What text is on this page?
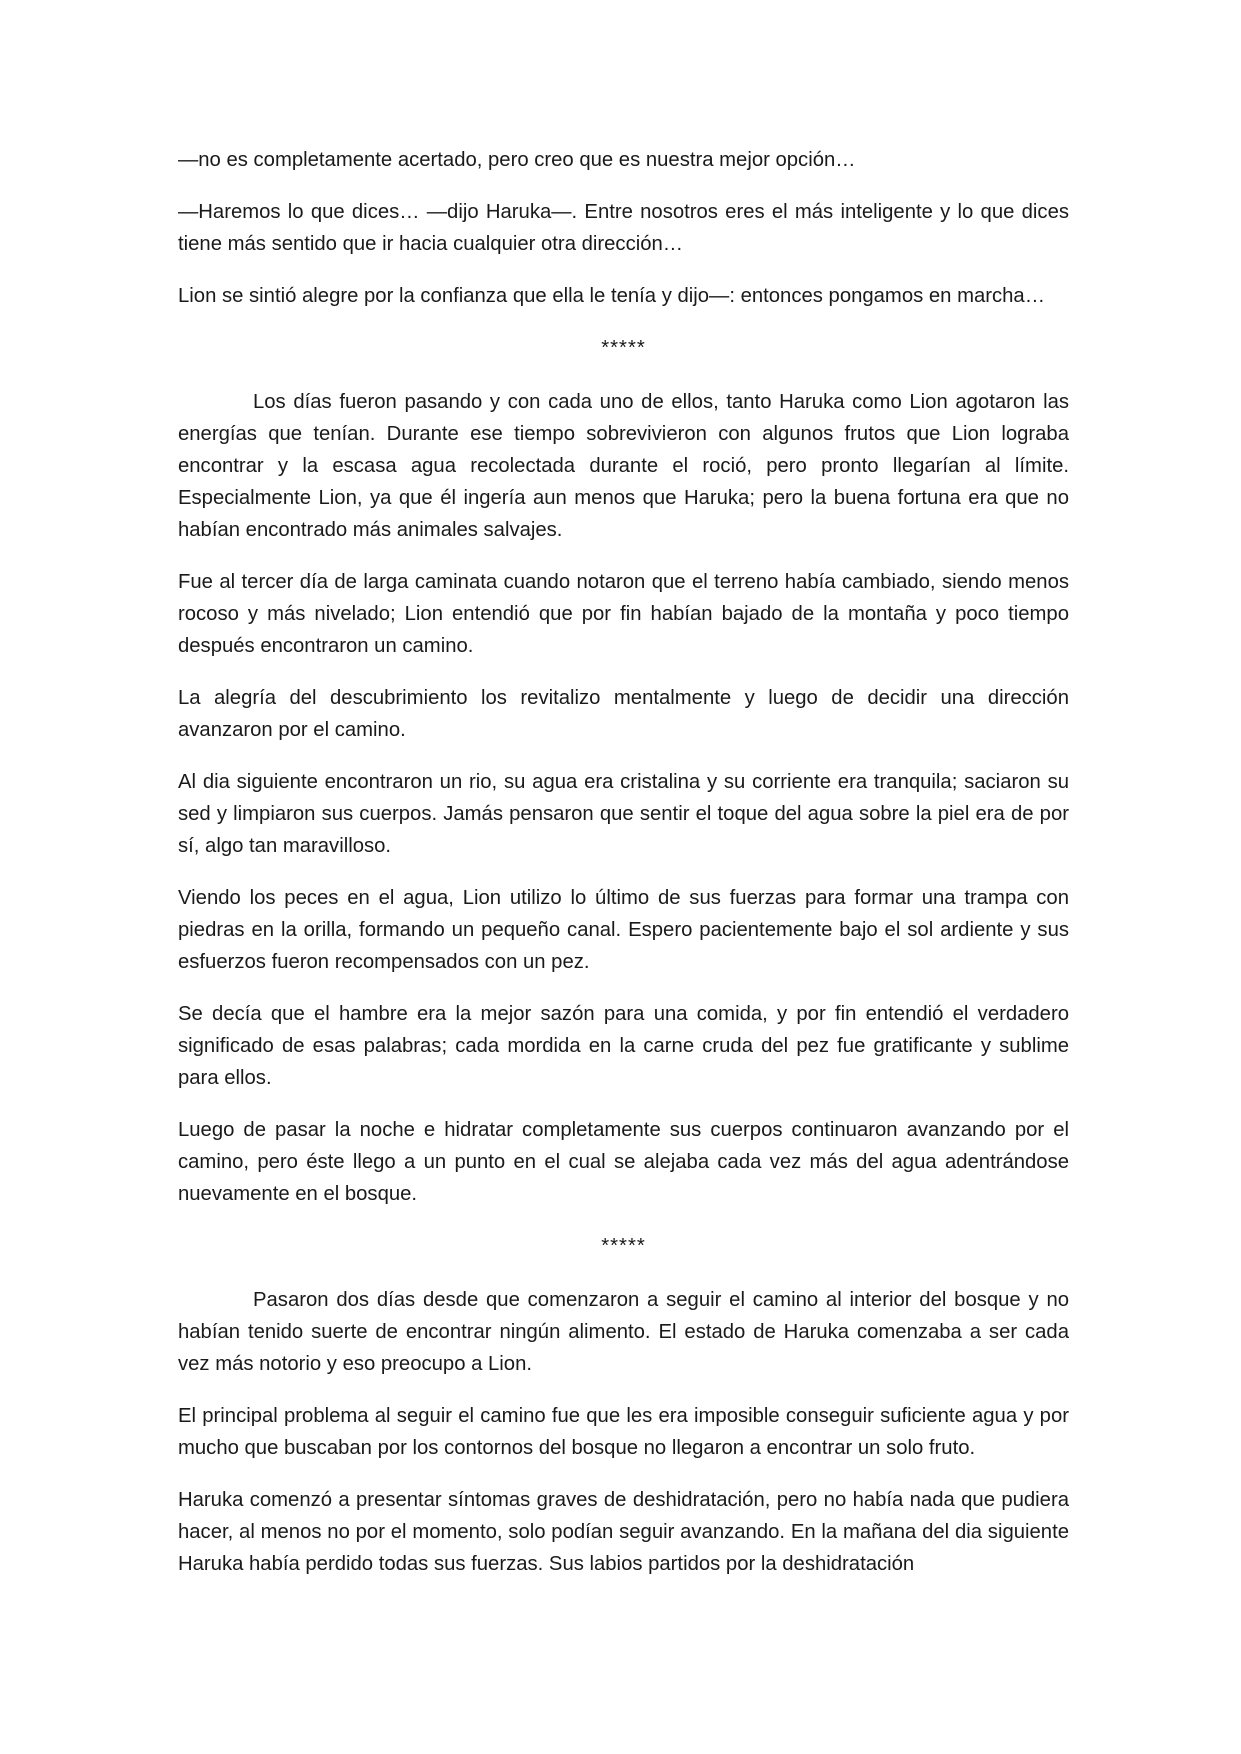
—no es completamente acertado, pero creo que es nuestra mejor opción…

—Haremos lo que dices… —dijo Haruka—. Entre nosotros eres el más inteligente y lo que dices tiene más sentido que ir hacia cualquier otra dirección…

Lion se sintió alegre por la confianza que ella le tenía y dijo—: entonces pongamos en marcha…

*****

Los días fueron pasando y con cada uno de ellos, tanto Haruka como Lion agotaron las energías que tenían. Durante ese tiempo sobrevivieron con algunos frutos que Lion lograba encontrar y la escasa agua recolectada durante el roció, pero pronto llegarían al límite. Especialmente Lion, ya que él ingería aun menos que Haruka; pero la buena fortuna era que no habían encontrado más animales salvajes.

Fue al tercer día de larga caminata cuando notaron que el terreno había cambiado, siendo menos rocoso y más nivelado; Lion entendió que por fin habían bajado de la montaña y poco tiempo después encontraron un camino.

La alegría del descubrimiento los revitalizo mentalmente y luego de decidir una dirección avanzaron por el camino.

Al dia siguiente encontraron un rio, su agua era cristalina y su corriente era tranquila; saciaron su sed y limpiaron sus cuerpos. Jamás pensaron que sentir el toque del agua sobre la piel era de por sí, algo tan maravilloso.

Viendo los peces en el agua, Lion utilizo lo último de sus fuerzas para formar una trampa con piedras en la orilla, formando un pequeño canal. Espero pacientemente bajo el sol ardiente y sus esfuerzos fueron recompensados con un pez.

Se decía que el hambre era la mejor sazón para una comida, y por fin entendió el verdadero significado de esas palabras; cada mordida en la carne cruda del pez fue gratificante y sublime para ellos.

Luego de pasar la noche e hidratar completamente sus cuerpos continuaron avanzando por el camino, pero éste llego a un punto en el cual se alejaba cada vez más del agua adentrándose nuevamente en el bosque.

*****

Pasaron dos días desde que comenzaron a seguir el camino al interior del bosque y no habían tenido suerte de encontrar ningún alimento. El estado de Haruka comenzaba a ser cada vez más notorio y eso preocupo a Lion.

El principal problema al seguir el camino fue que les era imposible conseguir suficiente agua y por mucho que buscaban por los contornos del bosque no llegaron a encontrar un solo fruto.

Haruka comenzó a presentar síntomas graves de deshidratación, pero no había nada que pudiera hacer, al menos no por el momento, solo podían seguir avanzando. En la mañana del dia siguiente Haruka había perdido todas sus fuerzas. Sus labios partidos por la deshidratación
